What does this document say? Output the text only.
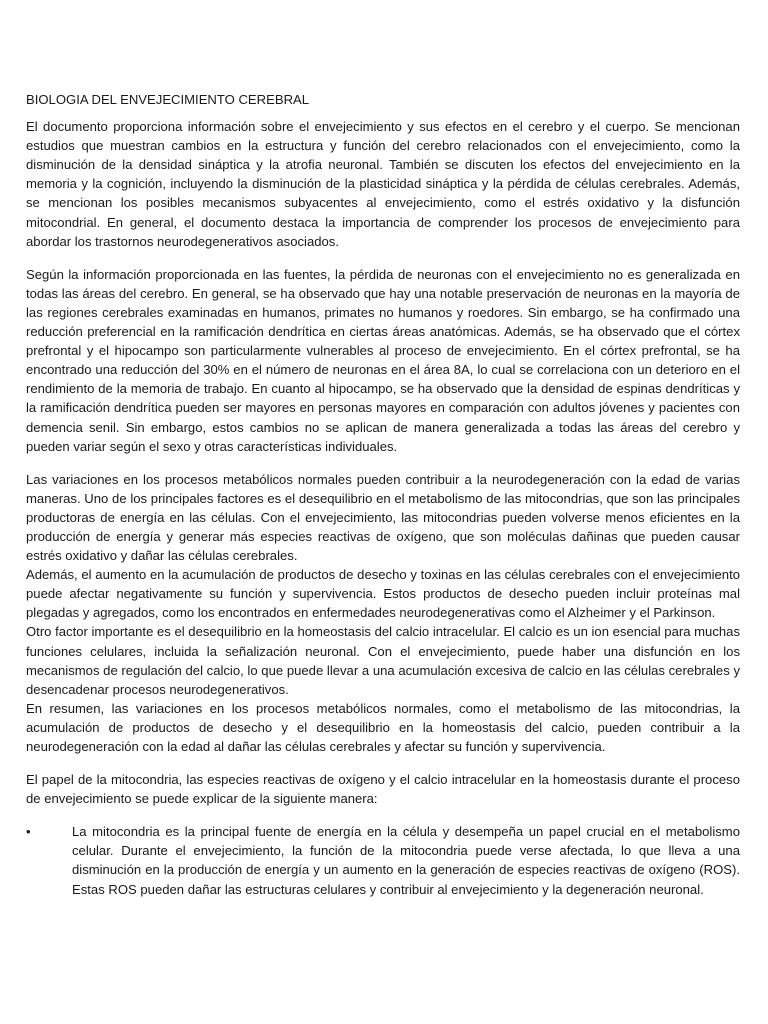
BIOLOGIA DEL ENVEJECIMIENTO CEREBRAL

El documento proporciona información sobre el envejecimiento y sus efectos en el cerebro y el cuerpo. Se mencionan estudios que muestran cambios en la estructura y función del cerebro relacionados con el envejecimiento, como la disminución de la densidad sináptica y la atrofia neuronal. También se discuten los efectos del envejecimiento en la memoria y la cognición, incluyendo la disminución de la plasticidad sináptica y la pérdida de células cerebrales. Además, se mencionan los posibles mecanismos subyacentes al envejecimiento, como el estrés oxidativo y la disfunción mitocondrial. En general, el documento destaca la importancia de comprender los procesos de envejecimiento para abordar los trastornos neurodegenerativos asociados.

Según la información proporcionada en las fuentes, la pérdida de neuronas con el envejecimiento no es generalizada en todas las áreas del cerebro. En general, se ha observado que hay una notable preservación de neuronas en la mayoría de las regiones cerebrales examinadas en humanos, primates no humanos y roedores. Sin embargo, se ha confirmado una reducción preferencial en la ramificación dendrítica en ciertas áreas anatómicas. Además, se ha observado que el córtex prefrontal y el hipocampo son particularmente vulnerables al proceso de envejecimiento. En el córtex prefrontal, se ha encontrado una reducción del 30% en el número de neuronas en el área 8A, lo cual se correlaciona con un deterioro en el rendimiento de la memoria de trabajo. En cuanto al hipocampo, se ha observado que la densidad de espinas dendríticas y la ramificación dendrítica pueden ser mayores en personas mayores en comparación con adultos jóvenes y pacientes con demencia senil. Sin embargo, estos cambios no se aplican de manera generalizada a todas las áreas del cerebro y pueden variar según el sexo y otras características individuales.

Las variaciones en los procesos metabólicos normales pueden contribuir a la neurodegeneración con la edad de varias maneras. Uno de los principales factores es el desequilibrio en el metabolismo de las mitocondrias, que son las principales productoras de energía en las células. Con el envejecimiento, las mitocondrias pueden volverse menos eficientes en la producción de energía y generar más especies reactivas de oxígeno, que son moléculas dañinas que pueden causar estrés oxidativo y dañar las células cerebrales.

Además, el aumento en la acumulación de productos de desecho y toxinas en las células cerebrales con el envejecimiento puede afectar negativamente su función y supervivencia. Estos productos de desecho pueden incluir proteínas mal plegadas y agregados, como los encontrados en enfermedades neurodegenerativas como el Alzheimer y el Parkinson.

Otro factor importante es el desequilibrio en la homeostasis del calcio intracelular. El calcio es un ion esencial para muchas funciones celulares, incluida la señalización neuronal. Con el envejecimiento, puede haber una disfunción en los mecanismos de regulación del calcio, lo que puede llevar a una acumulación excesiva de calcio en las células cerebrales y desencadenar procesos neurodegenerativos.

En resumen, las variaciones en los procesos metabólicos normales, como el metabolismo de las mitocondrias, la acumulación de productos de desecho y el desequilibrio en la homeostasis del calcio, pueden contribuir a la neurodegeneración con la edad al dañar las células cerebrales y afectar su función y supervivencia.

El papel de la mitocondria, las especies reactivas de oxígeno y el calcio intracelular en la homeostasis durante el proceso de envejecimiento se puede explicar de la siguiente manera:

•	La mitocondria es la principal fuente de energía en la célula y desempeña un papel crucial en el metabolismo celular. Durante el envejecimiento, la función de la mitocondria puede verse afectada, lo que lleva a una disminución en la producción de energía y un aumento en la generación de especies reactivas de oxígeno (ROS). Estas ROS pueden dañar las estructuras celulares y contribuir al envejecimiento y la degeneración neuronal.
